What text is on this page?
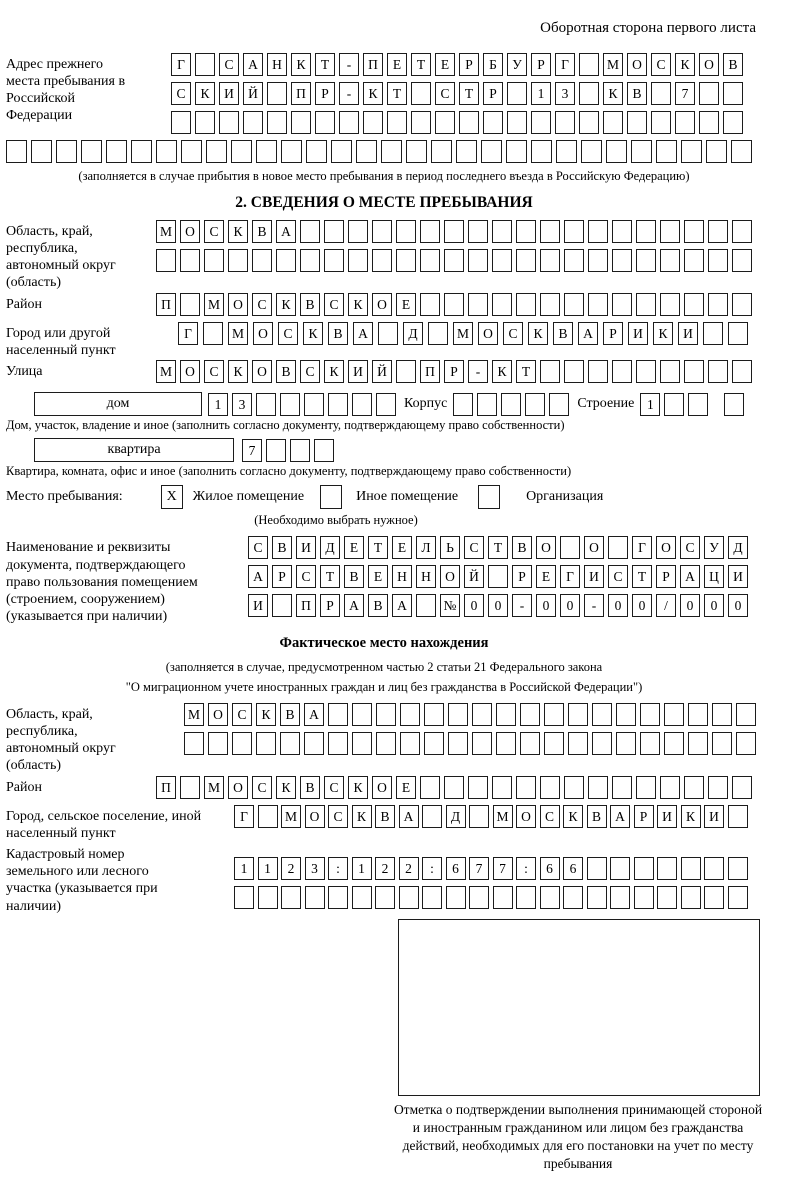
Оборотная сторона первого листа
Адрес прежнего места пребывания в Российской Федерации
Г	С	А	Н	К	Т	-	П	Е	Т	Е	Р	Б	У	Р	Г	М О	С	К	О	В
С	К	И	Й	П	Р	-	К	Т	С	Т	Р	1	3	К	В	7
(заполняется в случае прибытия в новое место пребывания в период последнего въезда в Российскую Федерацию)
2. СВЕДЕНИЯ О МЕСТЕ ПРЕБЫВАНИЯ
Область, край, республика, автономный округ (область)
М О	С	К	В	А
Район	П	М О	С	К	В	С	К	О	Е
Город или другой населенный пункт
Г	М	О	С	К	В	А	Д	М	О	С	К	В	А	Р	И	К	И
Улица	М О	С	К	О	В	С	К	И	Й	П	Р	-	К	Т
дом	1	3	Корпус	Строение 1
Дом, участок, владение и иное (заполнить согласно документу, подтверждающему право собственности)
квартира	7
Квартира, комната, офис и иное (заполнить согласно документу, подтверждающему право собственности)
Место пребывания:	Х	Жилое помещение	Иное помещение	Организация
(Необходимо выбрать нужное)
Наименование и реквизиты документа, подтверждающего право пользования помещением (строением, сооружением) (указывается при наличии)
С	В	И	Д	Е	Т	Е	Л	Ь	С	Т	В	О	О	Г	О	С	У	Д
А	Р	С	Т	В	Е	Н	Н	О	Й	Р	Е	Г	И	С	Т	Р	А	Ц	И
И	П	Р	А	В	А	№	0	0	-	0	0	-	0	0	/	0	0	0
Фактическое место нахождения
(заполняется в случае, предусмотренном частью 2 статьи 21 Федерального закона
"О миграционном учете иностранных граждан и лиц без гражданства в Российской Федерации")
Область, край, республика, автономный округ (область)
М О	С	К	В	А
Район	П	М О	С	К	В	С	К	О	Е
Город, сельское поселение, иной населенный пункт
Г	М О	С	К	В	А	Д	М О	С	К	В	А	Р	И	К	И
Кадастровый номер земельного или лесного участка (указывается при наличии)
1	1	2	3	:	1	2	2	:	6	7	7	:	6	6
Отметка о подтверждении выполнения принимающей стороной и иностранным гражданином или лицом без гражданства действий, необходимых для его постановки на учет по месту пребывания
